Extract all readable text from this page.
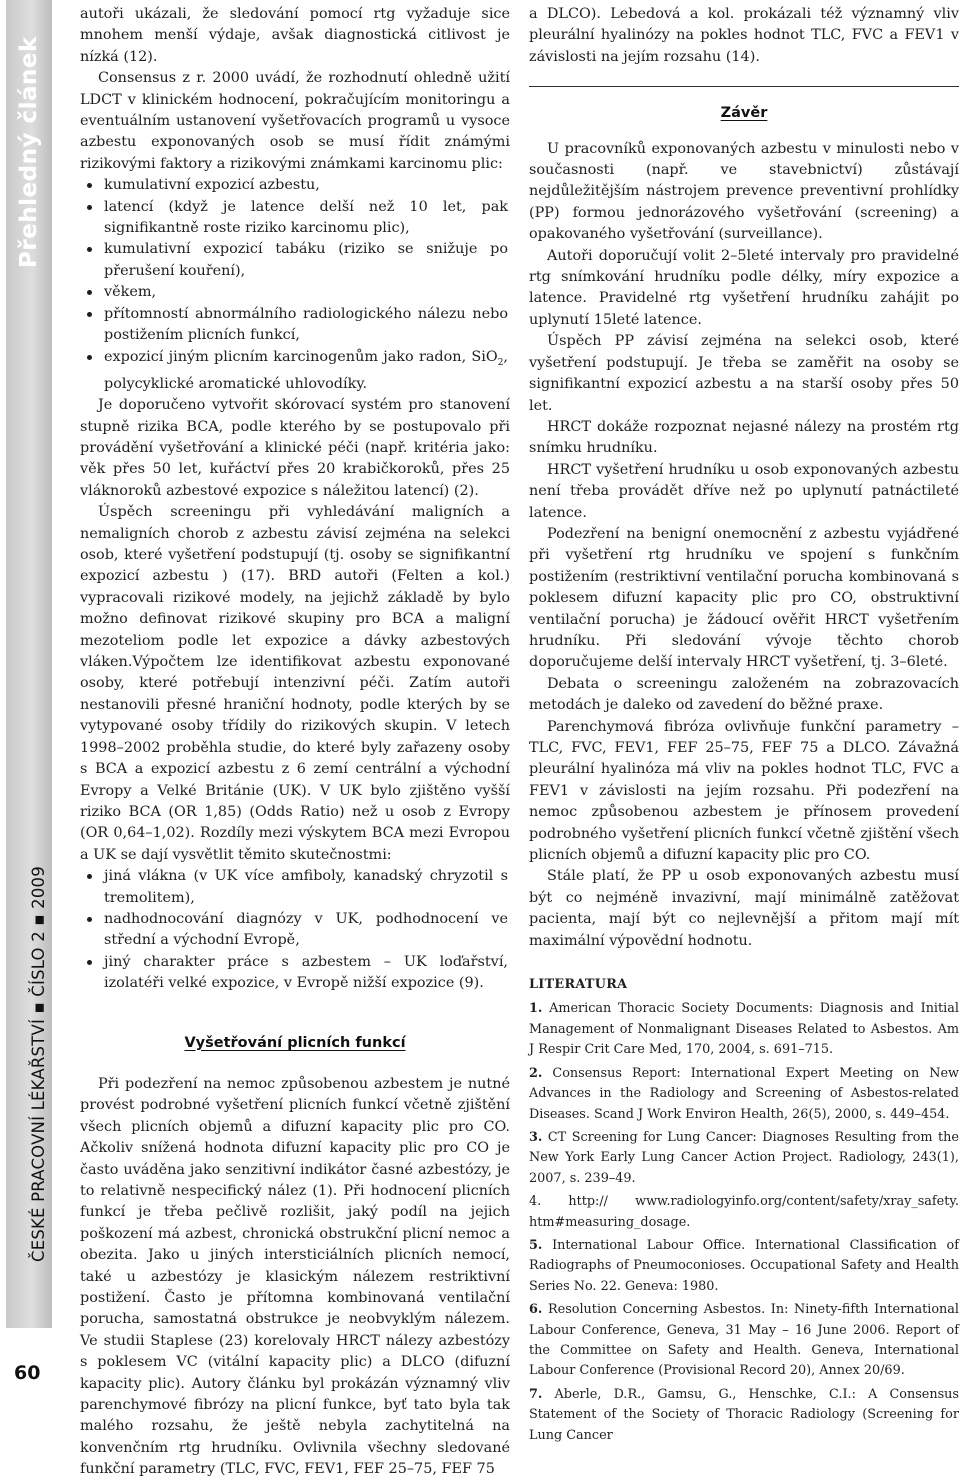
Přehledný článek
ČESKÉ PRACOVNÍ LÉKAŘSTVÍ ▪ ČÍSLO 2 ▪ 2009
60

autoři ukázali, že sledování pomocí rtg vyžaduje sice mnohem menší výdaje, avšak diagnostická citlivost je nízká (12).

Consensus z r. 2000 uvádí, že rozhodnutí ohledně užití LDCT v klinickém hodnocení, pokračujícím monitoringu a eventuálním ustanovení vyšetřovacích programů u vysoce azbestu exponovaných osob se musí řídit známými rizikovými faktory a rizikovými známkami karcinomu plic:

kumulativní expozicí azbestu,
latencí (když je latence delší než 10 let, pak signifikantně roste riziko karcinomu plic),
kumulativní expozicí tabáku (riziko se snižuje po přerušení kouření),
věkem,
přítomností abnormálního radiologického nálezu nebo postižením plicních funkcí,
expozicí jiným plicním karcinogenům jako radon, SiO$_2$, polycyklické aromatické uhlovodíky.

Je doporučeno vytvořit skórovací systém pro stanovení stupně rizika BCA, podle kterého by se postupovalo při provádění vyšetřování a klinické péči (např. kritéria jako: věk přes 50 let, kuřáctví přes 20 krabičkoroků, přes 25 vláknoroků azbestové expozice s náležitou latencí) (2).

Úspěch screeningu při vyhledávání maligních a nemaligních chorob z azbestu závisí zejména na selekci osob, které vyšetření podstupují (tj. osoby se signifikantní expozicí azbestu ) (17). BRD autoři (Felten a kol.) vypracovali rizikové modely, na jejichž základě by bylo možno definovat rizikové skupiny pro BCA a maligní mezoteliom podle let expozice a dávky azbestových vláken.Výpočtem lze identifikovat azbestu exponované osoby, které potřebují intenzivní péči. Zatím autoři nestanovili přesné hraniční hodnoty, podle kterých by se vytypované osoby třídily do rizikových skupin. V letech 1998–2002 proběhla studie, do které byly zařazeny osoby s BCA a expozicí azbestu z 6 zemí centrální a východní Evropy a Velké Británie (UK). V UK bylo zjištěno vyšší riziko BCA (OR 1,85) (Odds Ratio) než u osob z Evropy (OR 0,64–1,02). Rozdíly mezi výskytem BCA mezi Evropou a UK se dají vysvětlit těmito skutečnostmi:

jiná vlákna (v UK více amfiboly, kanadský chryzotil s tremolitem),
nadhodnocování diagnózy v UK, podhodnocení ve střední a východní Evropě,
jiný charakter práce s azbestem – UK loďařství, izolatéři velké expozice, v Evropě nižší expozice (9).
Vyšetřování plicních funkcí

Při podezření na nemoc způsobenou azbestem je nutné provést podrobné vyšetření plicních funkcí včetně zjištění všech plicních objemů a difuzní kapacity plic pro CO. Ačkoliv snížená hodnota difuzní kapacity plic pro CO je často uváděna jako senzitivní indikátor časné azbestózy, je to relativně nespecifický nález (1). Při hodnocení plicních funkcí je třeba pečlivě rozlišit, jaký podíl na jejich poškození má azbest, chronická obstrukční plicní nemoc a obezita. Jako u jiných intersticiálních plicních nemocí, také u azbestózy je klasickým nálezem restriktivní postižení. Často je přítomna kombinovaná ventilační porucha, samostatná obstrukce je neobvyklým nálezem. Ve studii Staplese (23) korelovaly HRCT nálezy azbestózy s poklesem VC (vitální kapacity plic) a DLCO (difuzní kapacity plic). Autory článku byl prokázán významný vliv parenchymové fibrózy na plicní funkce, byť tato byla tak malého rozsahu, že ještě nebyla zachytitelná na konvenčním rtg hrudníku. Ovlivnila všechny sledované funkční parametry (TLC, FVC, FEV1, FEF 25–75, FEF 75

a DLCO). Lebedová a kol. prokázali též významný vliv pleurální hyalinózy na pokles hodnot TLC, FVC a FEV1 v závislosti na jejím rozsahu (14).

Závěr

U pracovníků exponovaných azbestu v minulosti nebo v současnosti (např. ve stavebnictví) zůstávají nejdůležitějším nástrojem prevence preventivní prohlídky (PP) formou jednorázového vyšetřování (screening) a opakovaného vyšetřování (surveillance).

Autoři doporučují volit 2–5leté intervaly pro pravidelné rtg snímkování hrudníku podle délky, míry expozice a latence. Pravidelné rtg vyšetření hrudníku zahájit po uplynutí 15leté latence.

Úspěch PP závisí zejména na selekci osob, které vyšetření podstupují. Je třeba se zaměřit na osoby se signifikantní expozicí azbestu a na starší osoby přes 50 let.

HRCT dokáže rozpoznat nejasné nálezy na prostém rtg snímku hrudníku.

HRCT vyšetření hrudníku u osob exponovaných azbestu není třeba provádět dříve než po uplynutí patnáctileté latence.

Podezření na benigní onemocnění z azbestu vyjádřené při vyšetření rtg hrudníku ve spojení s funkčním postižením (restriktivní ventilační porucha kombinovaná s poklesem difuzní kapacity plic pro CO, obstruktivní ventilační porucha) je žádoucí ověřit HRCT vyšetřením hrudníku. Při sledování vývoje těchto chorob doporučujeme delší intervaly HRCT vyšetření, tj. 3–6leté.

Debata o screeningu založeném na zobrazovacích metodách je daleko od zavedení do běžné praxe.

Parenchymová fibróza ovlivňuje funkční parametry – TLC, FVC, FEV1, FEF 25–75, FEF 75 a DLCO. Závažná pleurální hyalinóza má vliv na pokles hodnot TLC, FVC a FEV1 v závislosti na jejím rozsahu. Při podezření na nemoc způsobenou azbestem je přínosem provedení podrobného vyšetření plicních funkcí včetně zjištění všech plicních objemů a difuzní kapacity plic pro CO.

Stále platí, že PP u osob exponovaných azbestu musí být co nejméně invazivní, mají minimálně zatěžovat pacienta, mají být co nejlevnější a přitom mají mít maximální výpovědní hodnotu.

LITERATURA

1. American Thoracic Society Documents: Diagnosis and Initial Management of Nonmalignant Diseases Related to Asbestos. Am J Respir Crit Care Med, 170, 2004, s. 691–715.

2. Consensus Report: International Expert Meeting on New Advances in the Radiology and Screening of Asbestos-related Diseases. Scand J Work Environ Health, 26(5), 2000, s. 449–454.

3. CT Screening for Lung Cancer: Diagnoses Resulting from the New York Early Lung Cancer Action Project. Radiology, 243(1), 2007, s. 239–49.

4. http:// www.radiologyinfo.org/content/safety/xray_safety. htm#measuring_dosage.

5. International Labour Office. International Classification of Radiographs of Pneumoconioses. Occupational Safety and Health Series No. 22. Geneva: 1980.

6. Resolution Concerning Asbestos. In: Ninety-fifth International Labour Conference, Geneva, 31 May – 16 June 2006. Report of the Committee on Safety and Health. Geneva, International Labour Conference (Provisional Record 20), Annex 20/69.

7. Aberle, D.R., Gamsu, G., Henschke, C.I.: A Consensus Statement of the Society of Thoracic Radiology (Screening for Lung Cancer
